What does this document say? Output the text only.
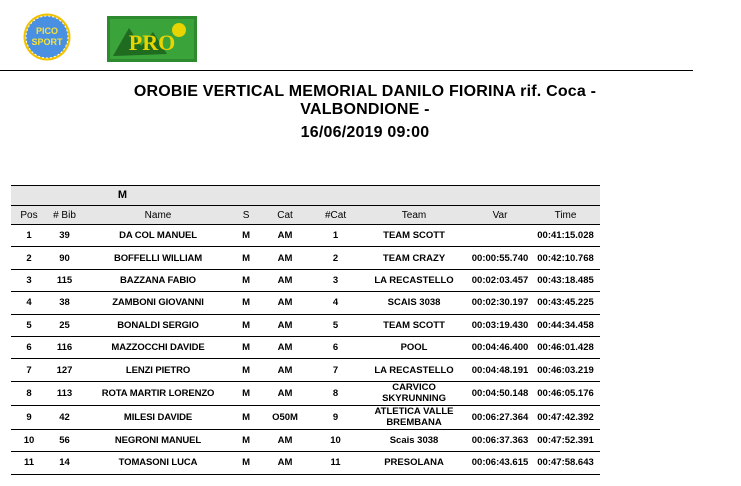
PICO
SPORT	PRO
OROBIE VERTICAL MEMORIAL DANILO FIORINA rif. Coca -
VALBONDIONE -
16/06/2019 09:00
M								
Pos	# Bib	Name	S	Cat	#Cat	Team	Var	Time
1	39	DA COL MANUEL	M	AM	1	TEAM SCOTT		00:41:15.028
2	90	BOFFELLI WILLIAM	M	AM	2	TEAM CRAZY	00:00:55.740	00:42:10.768
3	115	BAZZANA FABIO	M	AM	3	LA RECASTELLO	00:02:03.457	00:43:18.485
4	38	ZAMBONI GIOVANNI	M	AM	4	SCAIS 3038	00:02:30.197	00:43:45.225
5	25	BONALDI SERGIO	M	AM	5	TEAM SCOTT	00:03:19.430	00:44:34.458
6	116	MAZZOCCHI DAVIDE	M	AM	6	POOL	00:04:46.400	00:46:01.428
7	127	LENZI PIETRO	M	AM	7	LA RECASTELLO	00:04:48.191	00:46:03.219
8	113	ROTA MARTIR LORENZO	M	AM	8	CARVICO SKYRUNNING	00:04:50.148	00:46:05.176
9	42	MILESI DAVIDE	M	O50M	9	ATLETICA VALLE BREMBANA	00:06:27.364	00:47:42.392
10	56	NEGRONI MANUEL	M	AM	10	Scais 3038	00:06:37.363	00:47:52.391
11	14	TOMASONI LUCA	M	AM	11	PRESOLANA	00:06:43.615	00:47:58.643
